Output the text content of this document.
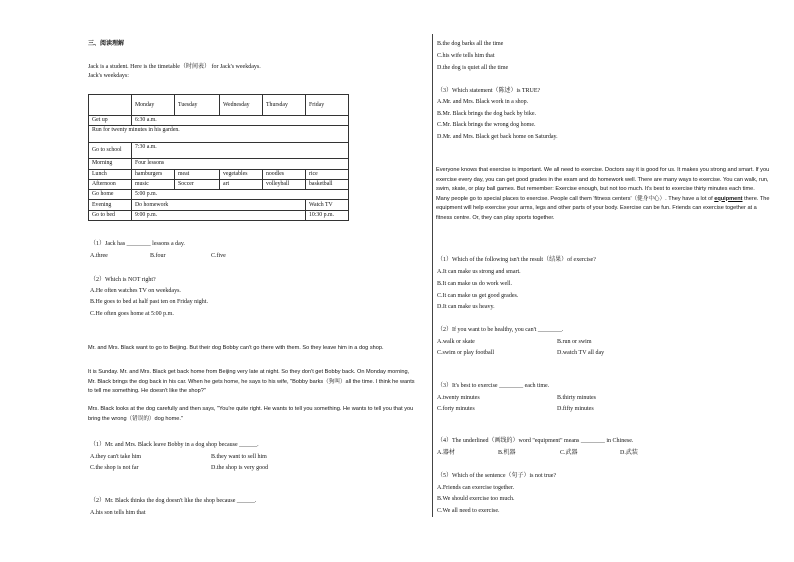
三、阅读理解
Jack is a student. Here is the timetable（时间表） for Jack's weekdays.
Jack's weekdays:
	Monday	Tuesday	Wednesday	Thursday	Friday
Get up	6:30 a.m.				
Run for twenty minutes in his garden.					
Go to school	7:30 a.m.				
Morning	Four lessons				
Lunch	hamburgers	meat	vegetables	noodles	rice
Afternoon	music	Soccer	art	volleyball	basketball
Go home	5:00 p.m.				
Evening	Do homework				Watch TV
Go to bed	9:00 p.m.				10:30 p.m.
（1）Jack has ________ lessons a day.
A.three	B.four	C.five
（2）Which is NOT right?
A.He often watches TV on weekdays.
B.He goes to bed at half past ten on Friday night.
C.He often goes home at 5:00 p.m.
Mr. and Mrs. Black want to go to Beijing. But their dog Bobby can't go there with them. So they leave him in a dog shop.
It is Sunday. Mr. and Mrs. Black get back home from Beijing very late at night. So they don't get Bobby back. On Monday morning, Mr. Black brings the dog back in his car. When he gets home, he says to his wife, "Bobby barks（狗叫）all the time. I think he wants to tell me something. He doesn't like the shop?"
Mrs. Black looks at the dog carefully and then says, "You're quite right. He wants to tell you something. He wants to tell you that you bring the wrong（错误的）dog home."
（1）Mr. and Mrs. Black leave Bobby in a dog shop because ______.
A.they can't take him	B.they want to sell him
C.the shop is not far	D.the shop is very good
（2）Mr. Black thinks the dog doesn't like the shop because ______.
A.his son tells him that
B.the dog barks all the time
C.his wife tells him that
D.the dog is quiet all the time
（3）Which statement（陈述）is TRUE?
A.Mr. and Mrs. Black work in a shop.
B.Mr. Black brings the dog back by bike.
C.Mr. Black brings the wrong dog home.
D.Mr. and Mrs. Black get back home on Saturday.
Everyone knows that exercise is important. We all need to exercise. Doctors say it is good for us. It makes you strong and smart. If you exercise every day, you can get good grades in the exam and do homework well. There are many ways to exercise. You can walk, run, swim, skate, or play ball games. But remember: Exercise enough, but not too much. It's best to exercise thirty minutes each time. Many people go to special places to exercise. People call them 'fitness centers'（健身中心）. They have a lot of equipment there. The equipment will help exercise your arms, legs and other parts of your body. Exercise can be fun. Friends can exercise together at a fitness centre. Or, they can play sports together.
（1）Which of the following isn't the result（结果）of exercise?
A.It can make us strong and smart.
B.It can make us do work well.
C.It can make us get good grades.
D.It can make us heavy.
（2）If you want to be healthy, you can't ________.
A.walk or skate	B.run or swim
C.swim or play football	D.watch TV all day
（3）It's best to exercise ________ each time.
A.twenty minutes	B.thirty minutes
C.forty minutes	D.fifty minutes
（4）The underlined（画线的）word "equipment" means ________ in Chinese.
A.器材	B.机器	C.武器	D.武装
（5）Which of the sentence（句子）is not true?
A.Friends can exercise together.
B.We should exercise too much.
C.We all need to exercise.
